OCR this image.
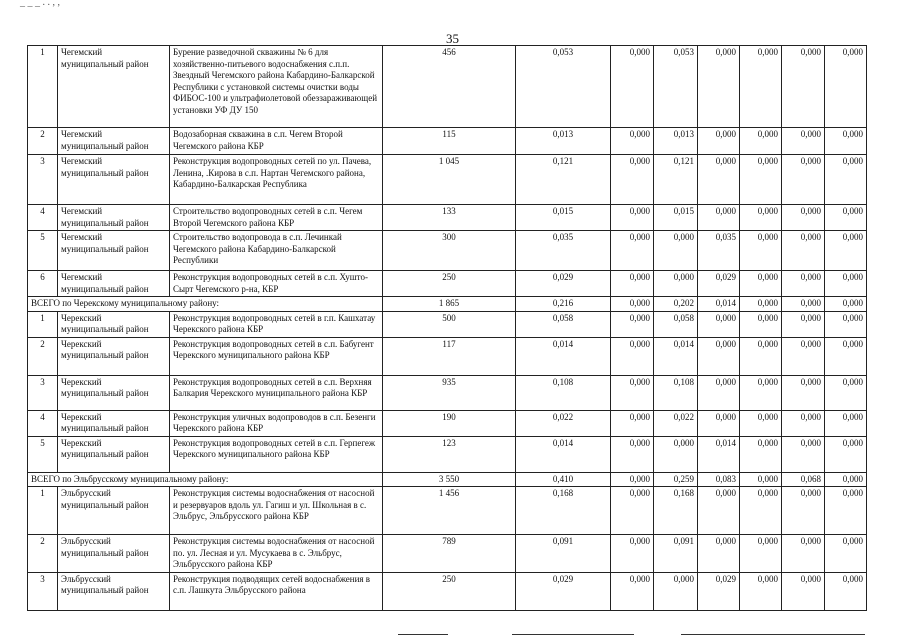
_ _ _ . . , ,
35
1	Чегемский муниципальный район	Бурение разведочной скважины № 6 для хозяйственно-питьевого водоснабжения с.п.п. Звездный Чегемского района Кабардино-Балкарской Республики с установкой системы очистки воды ФИБОС-100 и ультрафиолетовой обеззараживающей установки УФ ДУ 150	456	0,053	0,000	0,053	0,000	0,000	0,000	0,000
2	Чегемский муниципальный район	Водозаборная скважина в с.п. Чегем Второй Чегемского района КБР	115	0,013	0,000	0,013	0,000	0,000	0,000	0,000
3	Чегемский муниципальный район	Реконструкция водопроводных сетей по ул. Пачева, Ленина, .Кирова в с.п. Нартан Чегемского района, Кабардино-Балкарская Республика	1 045	0,121	0,000	0,121	0,000	0,000	0,000	0,000
4	Чегемский муниципальный район	Строительство водопроводных сетей в с.п. Чегем Второй Чегемского района КБР	133	0,015	0,000	0,015	0,000	0,000	0,000	0,000
5	Чегемский муниципальный район	Строительство водопровода в с.п. Лечинкай Чегемского района Кабардино-Балкарской Республики	300	0,035	0,000	0,000	0,035	0,000	0,000	0,000
6	Чегемский муниципальный район	Реконструкция водопроводных сетей в с.п. Хушто-Сырт Чегемского р-на, КБР	250	0,029	0,000	0,000	0,029	0,000	0,000	0,000
ВСЕГО по Черекскому муниципальному району:			1 865	0,216	0,000	0,202	0,014	0,000	0,000	0,000
1	Черекский муниципальный район	Реконструкция водопроводных сетей в г.п. Кашхатау Черекского района КБР	500	0,058	0,000	0,058	0,000	0,000	0,000	0,000
2	Черекский муниципальный район	Реконструкция водопроводных сетей в с.п. Бабугент Черекского муниципального района КБР	117	0,014	0,000	0,014	0,000	0,000	0,000	0,000
3	Черекский муниципальный район	Реконструкция водопроводных сетей в с.п. Верхняя Балкария Черекского муниципального района КБР	935	0,108	0,000	0,108	0,000	0,000	0,000	0,000
4	Черекский муниципальный район	Реконструкция уличных водопроводов в с.п. Безенги Черекского района КБР	190	0,022	0,000	0,022	0,000	0,000	0,000	0,000
5	Черекский муниципальный район	Реконструкция водопроводных сетей в с.п. Герпегеж Черекского муниципального района КБР	123	0,014	0,000	0,000	0,014	0,000	0,000	0,000
ВСЕГО по Эльбрусскому муниципальному району:			3 550	0,410	0,000	0,259	0,083	0,000	0,068	0,000
1	Эльбрусский муниципальный район	Реконструкция системы водоснабжения от насосной и резервуаров вдоль ул. Гагиш и ул. Школьная в с. Эльбрус, Эльбрусского района КБР	1 456	0,168	0,000	0,168	0,000	0,000	0,000	0,000
2	Эльбрусский муниципальный район	Реконструкция системы водоснабжения от насосной по. ул. Лесная и ул. Мусукаева в с. Эльбрус, Эльбрусского района КБР	789	0,091	0,000	0,091	0,000	0,000	0,000	0,000
3	Эльбрусский муниципальный район	Реконструкция подводящих сетей водоснабжения в с.п. Лашкута Эльбрусского района	250	0,029	0,000	0,000	0,029	0,000	0,000	0,000
